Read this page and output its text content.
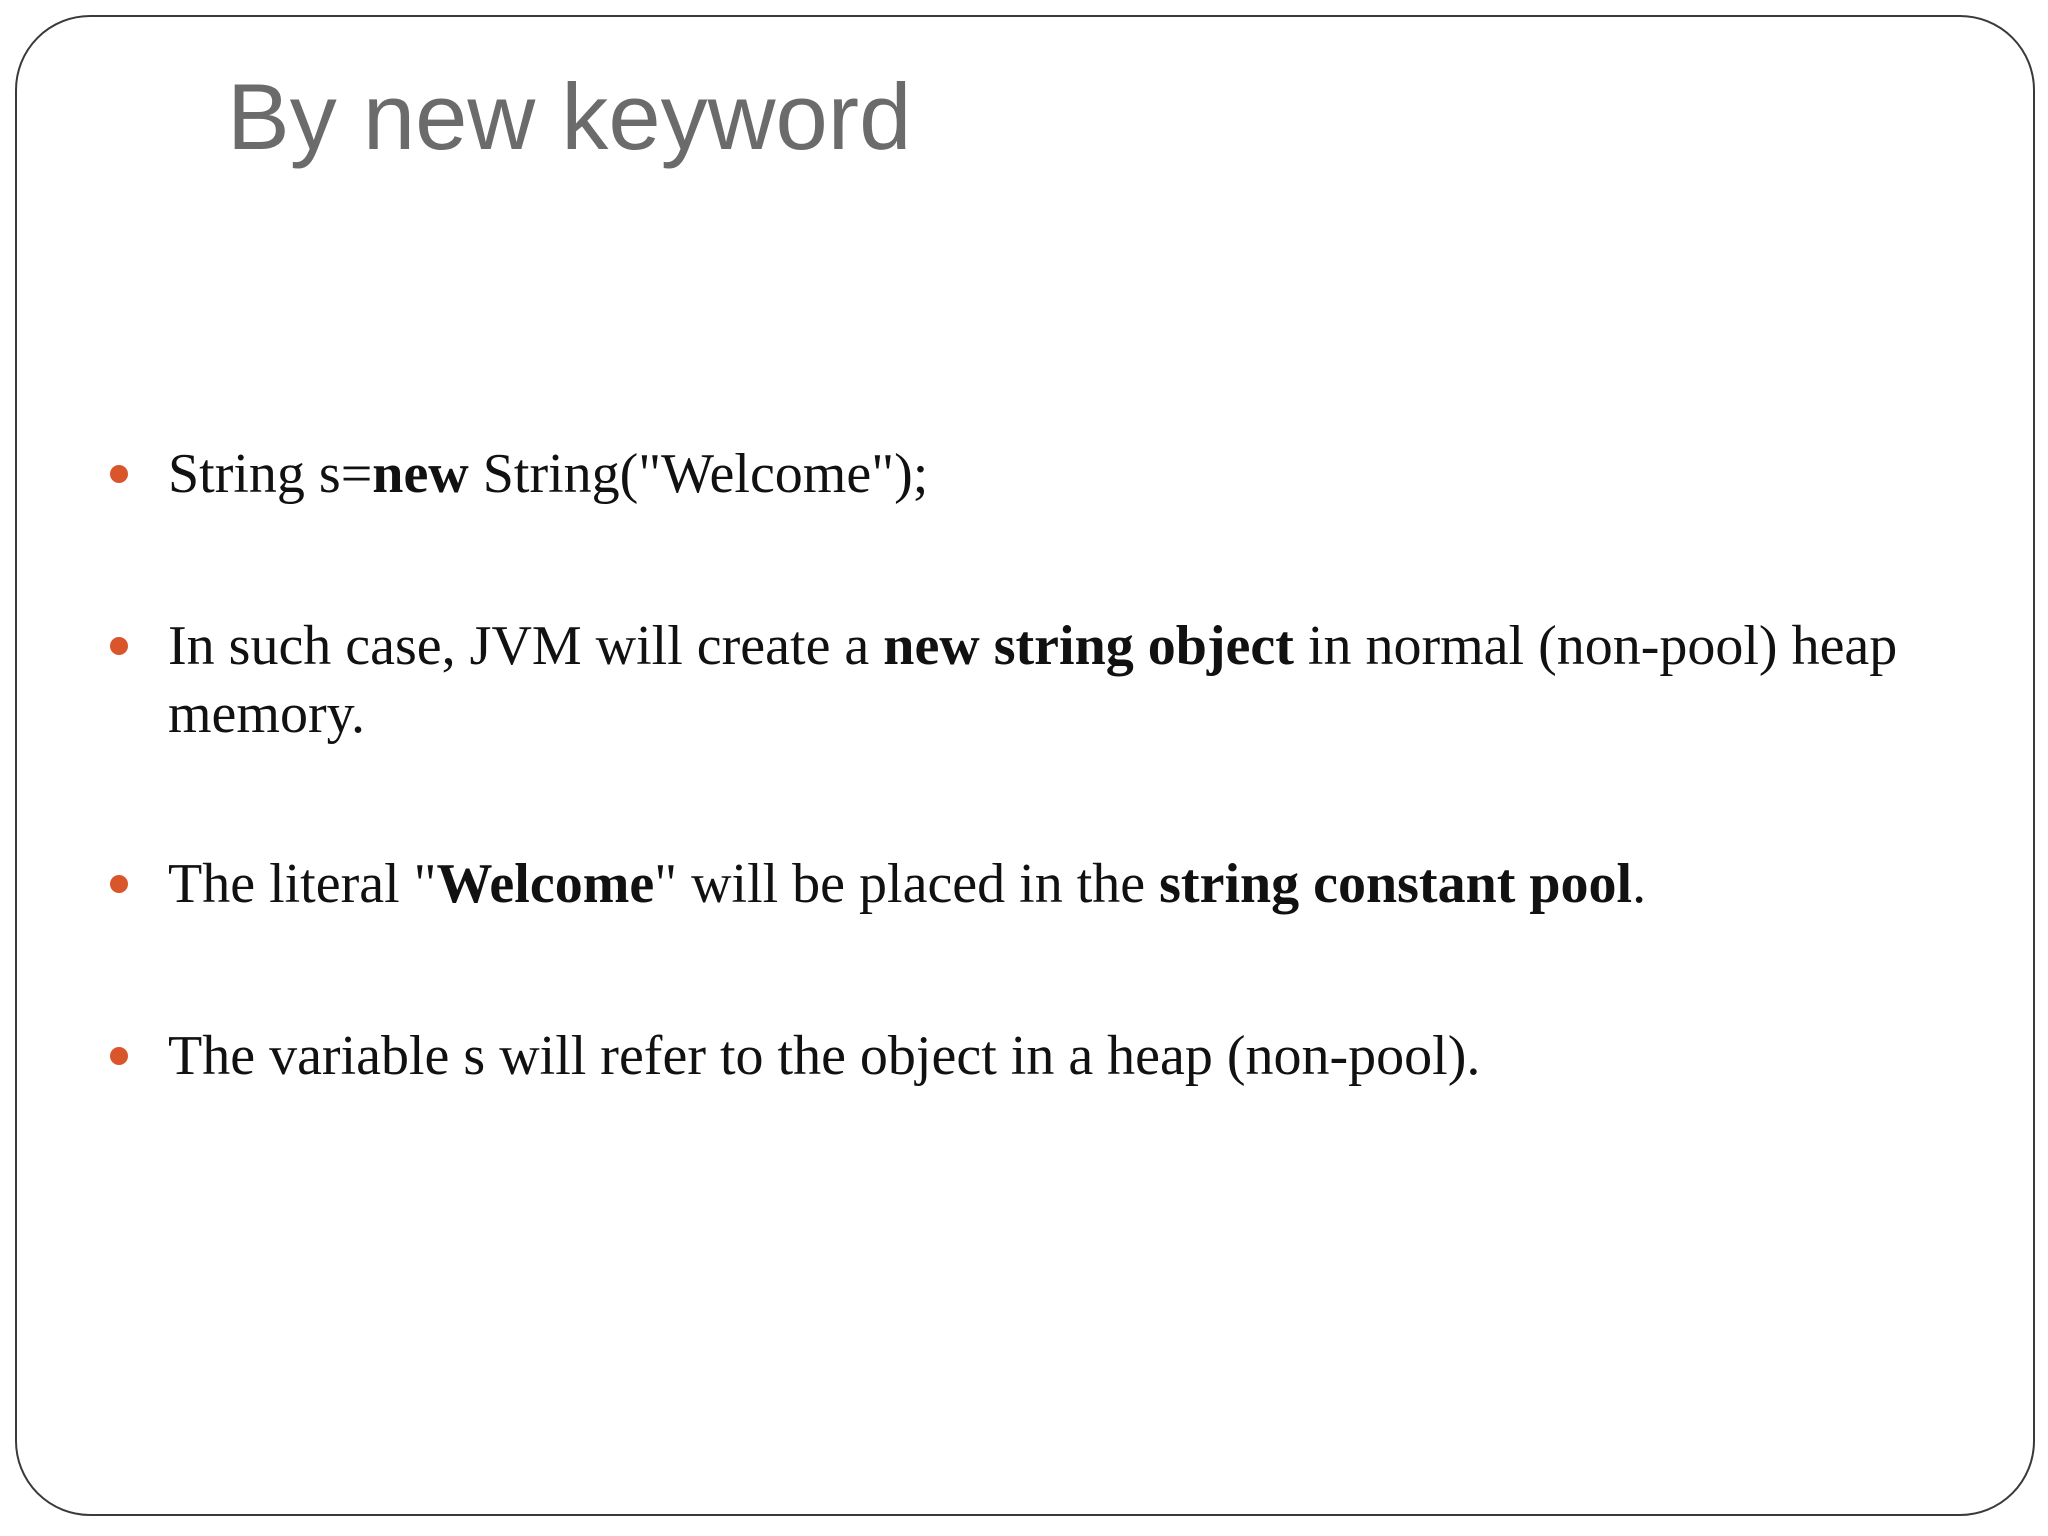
By new keyword

String s=new String("Welcome");

In such case, JVM will create a new string object in normal (non-pool) heap memory.

The literal "Welcome" will be placed in the string constant pool.

The variable s will refer to the object in a heap (non-pool).
